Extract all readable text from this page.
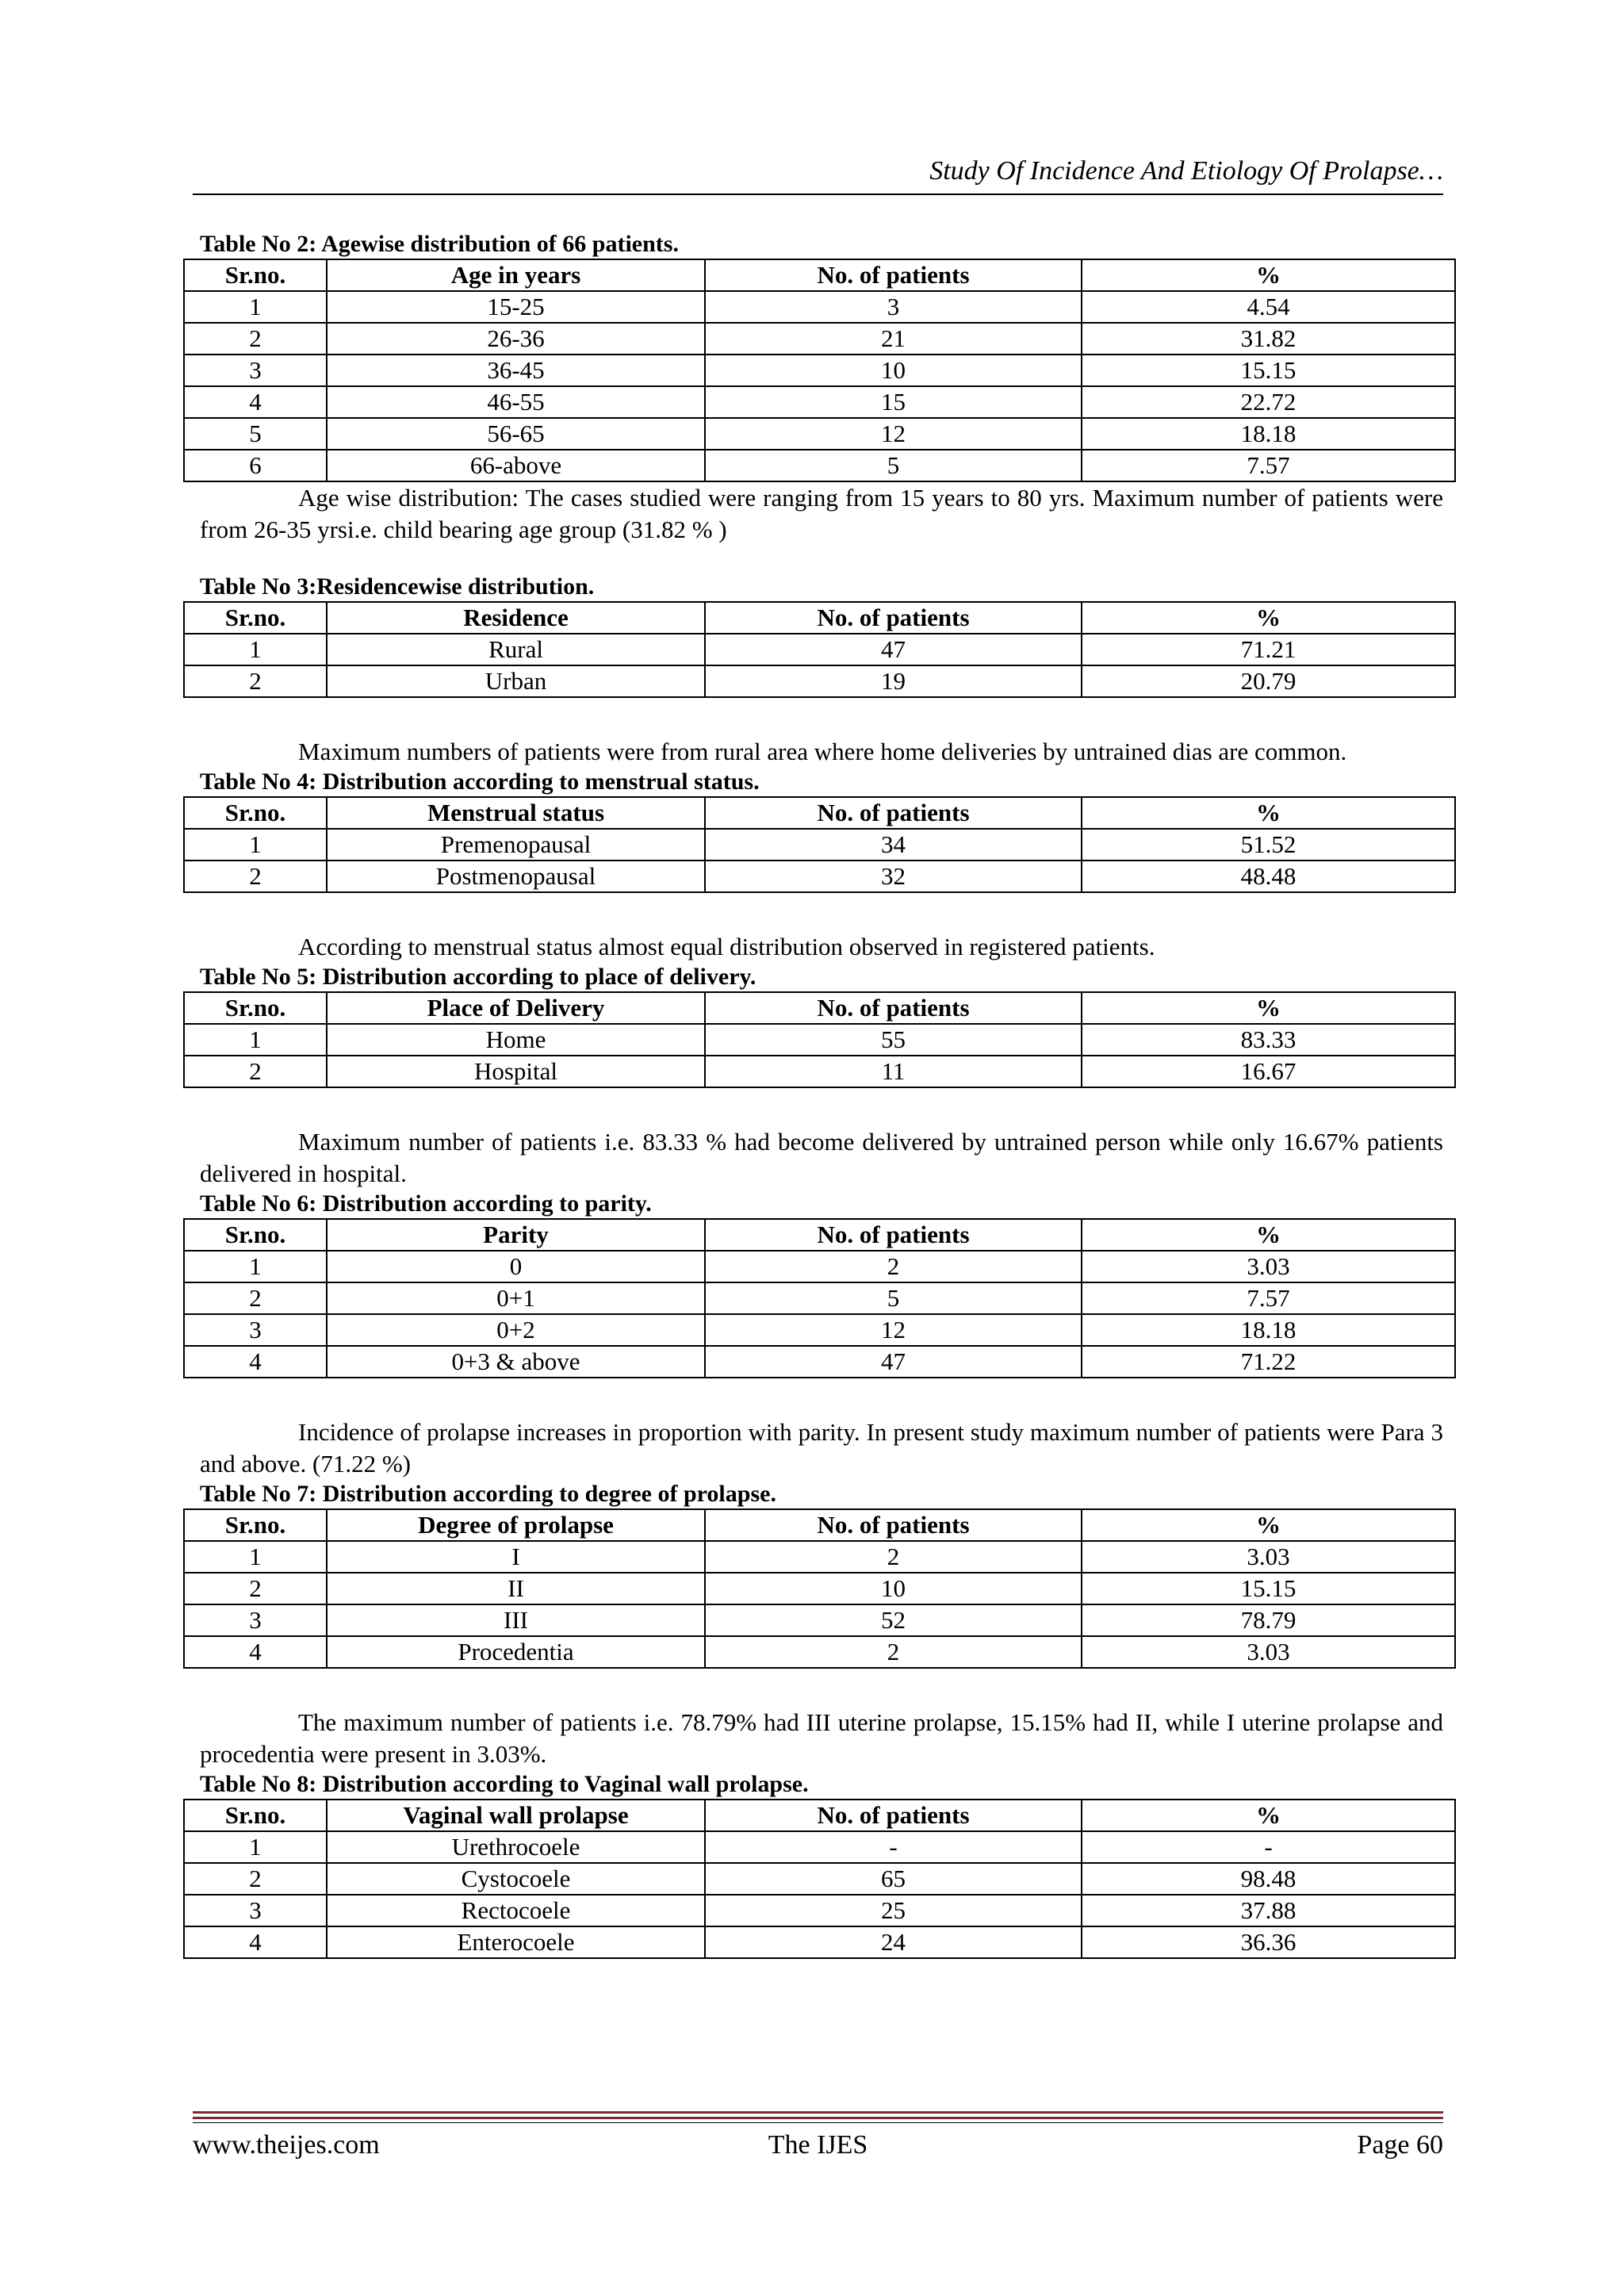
Study Of Incidence And Etiology Of Prolapse…
Table No 2: Agewise distribution of 66 patients.
Sr.no.	Age in years	No. of patients	%
1	15-25	3	4.54
2	26-36	21	31.82
3	36-45	10	15.15
4	46-55	15	22.72
5	56-65	12	18.18
6	66-above	5	7.57

Age wise distribution: The cases studied were ranging from 15 years to 80 yrs. Maximum number of patients were from 26-35 yrsi.e. child bearing age group (31.82 % )

Table No 3:Residencewise distribution.
Sr.no.	Residence	No. of patients	%
1	Rural	47	71.21
2	Urban	19	20.79

Maximum numbers of patients were from rural area where home deliveries by untrained dias are common.

Table No 4: Distribution according to menstrual status.
Sr.no.	Menstrual status	No. of patients	%
1	Premenopausal	34	51.52
2	Postmenopausal	32	48.48

According to menstrual status almost equal distribution observed in registered patients.

Table No 5: Distribution according to place of delivery.
Sr.no.	Place of Delivery	No. of patients	%
1	Home	55	83.33
2	Hospital	11	16.67

Maximum number of patients i.e. 83.33 % had become delivered by untrained person while only 16.67% patients delivered in hospital.

Table No 6: Distribution according to parity.
Sr.no.	Parity	No. of patients	%
1	0	2	3.03
2	0+1	5	7.57
3	0+2	12	18.18
4	0+3 & above	47	71.22

Incidence of prolapse increases in proportion with parity. In present study maximum number of patients were Para 3 and above. (71.22 %)

Table No 7: Distribution according to degree of prolapse.
Sr.no.	Degree of prolapse	No. of patients	%
1	I	2	3.03
2	II	10	15.15
3	III	52	78.79
4	Procedentia	2	3.03

The maximum number of patients i.e. 78.79% had III uterine prolapse, 15.15% had II, while I uterine prolapse and procedentia were present in 3.03%.

Table No 8: Distribution according to Vaginal wall prolapse.
Sr.no.	Vaginal wall prolapse	No. of patients	%
1	Urethrocoele	-	-
2	Cystocoele	65	98.48
3	Rectocoele	25	37.88
4	Enterocoele	24	36.36
www.theijes.com	The IJES	Page 60
